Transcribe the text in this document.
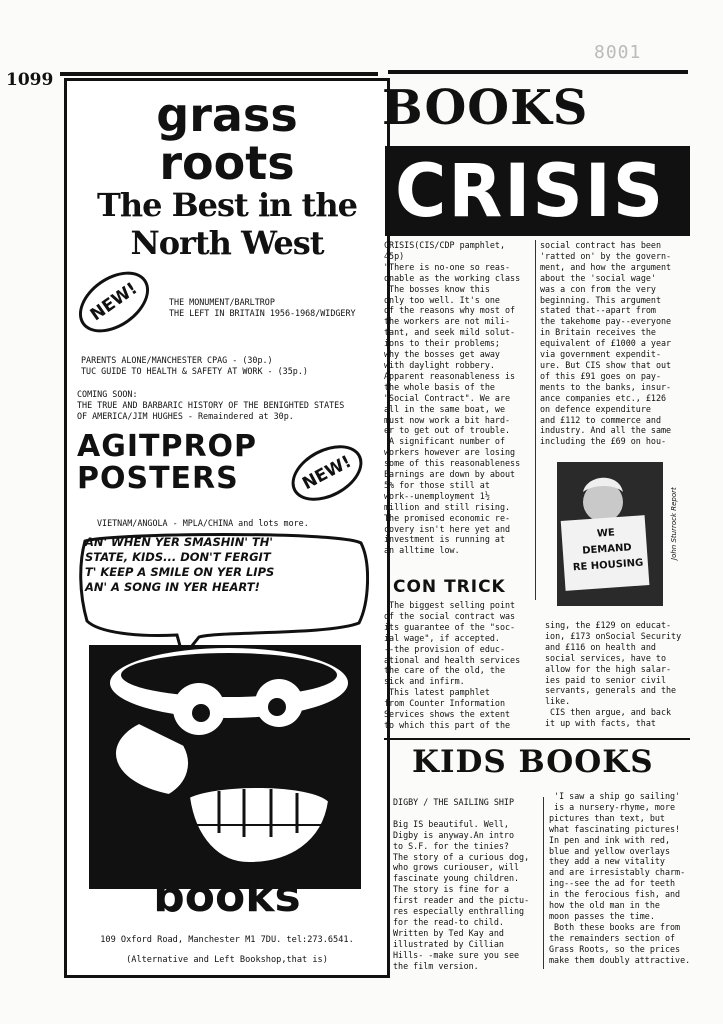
1099
8001
grass
roots
The Best in the
North West
NEW!	THE MONUMENT/BARLTROP
THE LEFT IN BRITAIN 1956-1968/WIDGERY
PARENTS ALONE/MANCHESTER CPAG - (30p.)
TUC GUIDE TO HEALTH & SAFETY AT WORK - (35p.)
COMING SOON:
THE TRUE AND BARBARIC HISTORY OF THE BENIGHTED STATES
OF AMERICA/JIM HUGHES - Remaindered at 30p.
AGITPROP
POSTERS	NEW!
VIETNAM/ANGOLA - MPLA/CHINA and lots more.
AN' WHEN YER SMASHIN' TH'
STATE, KIDS... DON'T FERGIT
T' KEEP A SMILE ON YER LIPS
AN' A SONG IN YER HEART!
books
109 Oxford Road, Manchester M1 7DU. tel:273.6541.
(Alternative and Left Bookshop,that is)
BOOKS
CRISIS

CRISIS(CIS/CDP pamphlet,

45p)

"There is no-one so reas-

onable as the working class

The bosses know this

only too well. It's one

of the reasons why most of

the workers are not mili-

tant, and seek mild solut-

ions to their problems;

why the bosses get away

with daylight robbery.

Apparent reasonableness is

the whole basis of the

"Social Contract". We are

all in the same boat, we

must now work a bit hard-

er to get out of trouble.

A significant number of

workers however are losing

some of this reasonableness

Earnings are down by about

5% for those still at

work--unemployment 1½

million and still rising.

The promised economic re-

covery isn't here yet and

investment is running at

an alltime low.

social contract has been

'ratted on' by the govern-

ment, and how the argument

about the 'social wage'

was a con from the very

beginning. This argument

stated that--apart from

the takehome pay--everyone

in Britain receives the

equivalent of £1000 a year

via government expendit-

ure. But CIS show that out

of this £91 goes on pay-

ments to the banks, insur-

ance companies etc., £126

on defence expenditure

and £112 to commerce and

industry. And all the same

including the £69 on hou-

WE
DEMAND
RE HOUSING
John Sturrock Report
CON TRICK

The biggest selling point

of the social contract was

its guarantee of the "soc-

ial wage", if accepted.

--the provision of educ-

ational and health services

the care of the old, the

sick and infirm.

This latest pamphlet

from Counter Information

Services shows the extent

to which this part of the

sing, the £129 on educat-

ion, £173 onSocial Security

and £116 on health and

social services, have to

allow for the high salar-

ies paid to senior civil

servants, generals and the

like.

CIS then argue, and back

it up with facts, that

KIDS BOOKS

DIGBY / THE SAILING SHIP

Big IS beautiful. Well,

Digby is anyway.An intro

to S.F. for the tinies?

The story of a curious dog,

who grows curiouser, will

fascinate young children.

The story is fine for a

first reader and the pictu-

res especially enthralling

for the read-to child.

Written by Ted Kay and

illustrated by Cillian

Hills- -make sure you see

the film version.

'I saw a ship go sailing'

is a nursery-rhyme, more

pictures than text, but

what fascinating pictures!

In pen and ink with red,

blue and yellow overlays

they add a new vitality

and are irresistably charm-

ing--see the ad for teeth

in the ferocious fish, and

how the old man in the

moon passes the time.

Both these books are from

the remainders section of

Grass Roots, so the prices

make them doubly attractive.
